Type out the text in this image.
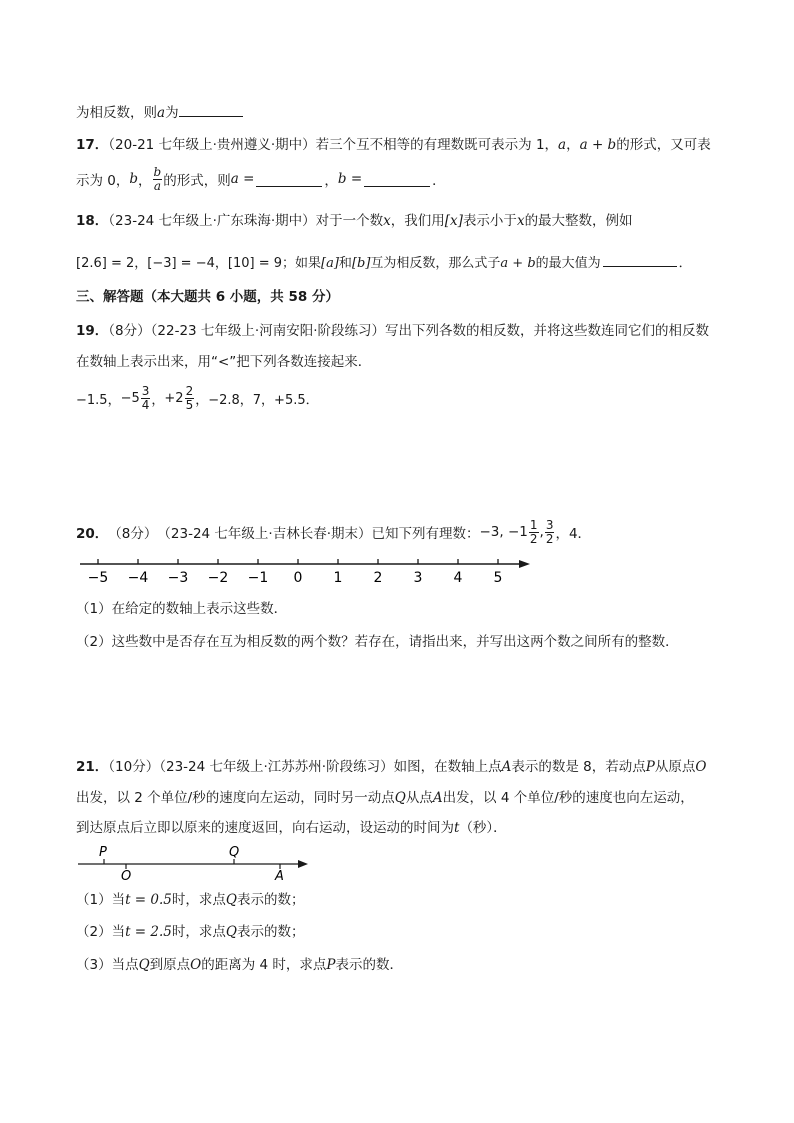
为相反数，则a为
17．（20-21 七年级上·贵州遵义·期中）若三个互不相等的有理数既可表示为 1，a，a + b的形式，又可表
示为 0， b ， $\frac{b}{a}$ 的形式，则 a =	， b =	．
18．（23-24 七年级上·广东珠海·期中）对于一个数x，我们用[x]表示小于x的最大整数，例如
[2.6] = 2，[−3] = −4，[10] = 9；如果[a]和[b]互为相反数，那么式子a + b的最大值为	．
三、解答题（本大题共 6 小题，共 58 分）
19．（8分）（22-23 七年级上·河南安阳·阶段练习）写出下列各数的相反数，并将这些数连同它们的相反数
在数轴上表示出来，用“<”把下列各数连接起来．
−1.5， $-5 \frac{3}{4}$ ， $+2 \frac{2}{5}$ ，−2.8，7，+5.5．
20． （8分） （23-24 七年级上·吉林长春·期末） 已知下列有理数： −3, $-1 \frac{1}{2}$ , $\frac{3}{2}$ ，4．
−5 −4 −3 −2 −1 0 1 2 3 4 5
（1）在给定的数轴上表示这些数．
（2）这些数中是否存在互为相反数的两个数？若存在，请指出来，并写出这两个数之间所有的整数．
21．（10分）（23-24 七年级上·江苏苏州·阶段练习）如图，在数轴上点A表示的数是 8，若动点P从原点O
出发，以 2 个单位/秒的速度向左运动，同时另一动点Q从点A出发，以 4 个单位/秒的速度也向左运动，
到达原点后立即以原来的速度返回，向右运动，设运动的时间为t（秒）．
P
O
Q
A
（1）当t = 0.5时，求点Q表示的数；
（2）当t = 2.5时，求点Q表示的数；
（3）当点Q到原点O的距离为 4 时，求点P表示的数．
